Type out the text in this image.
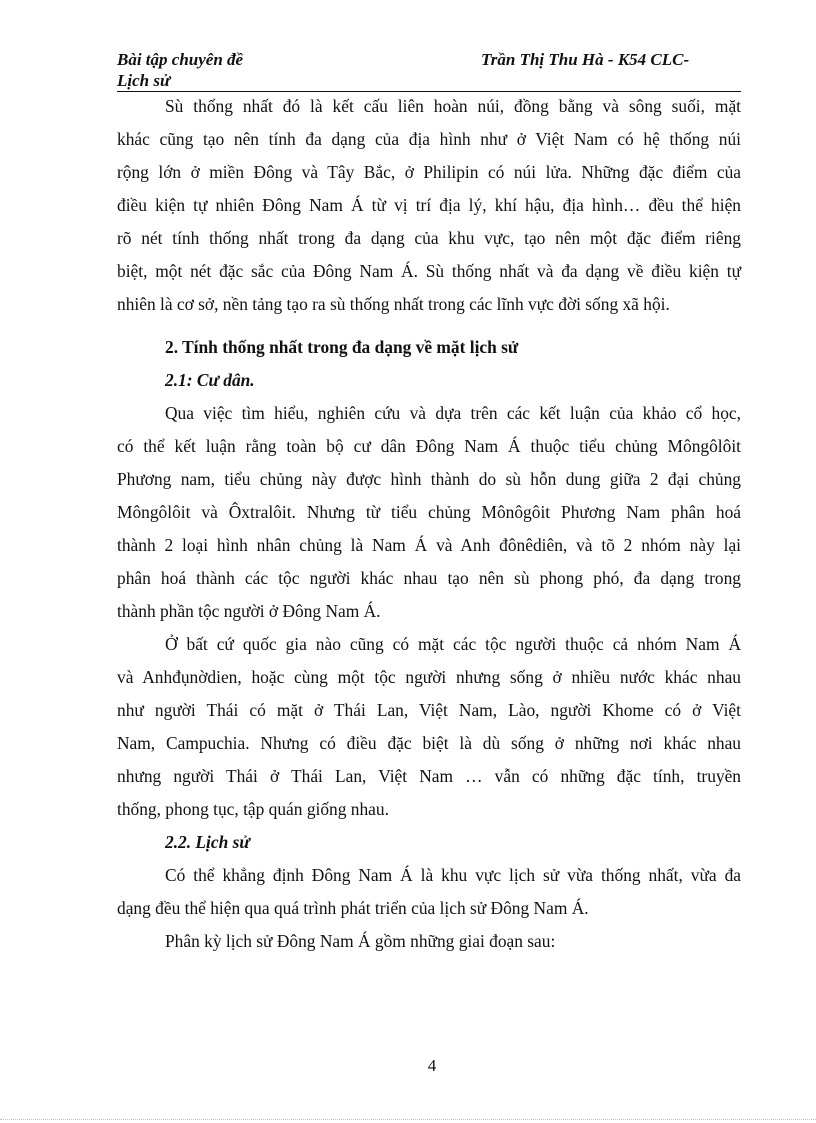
Bài tập chuyên đề
Lịch sử
Trần Thị Thu Hà - K54 CLC-
Sù thống nhất đó là kết cấu liên hoàn núi, đồng bằng và sông suối, mặt
khác cũng tạo nên tính đa dạng của địa hình như ở Việt Nam có hệ thống núi
rộng lớn ở miền Đông và Tây Bắc, ở Philipin có núi lửa. Những đặc điểm của
điều kiện tự nhiên Đông Nam Á từ vị trí địa lý, khí hậu, địa hình… đều thể hiện
rõ nét tính thống nhất trong đa dạng của khu vực, tạo nên một đặc điểm riêng
biệt, một nét đặc sắc của Đông Nam Á. Sù thống nhất và đa dạng về điều kiện tự
nhiên là cơ sở, nền tảng tạo ra sù thống nhất trong các lĩnh vực đời sống xã hội.
2. Tính thống nhất trong đa dạng về mặt lịch sử
2.1: Cư dân.
Qua việc tìm hiểu, nghiên cứu và dựa trên các kết luận của khảo cổ học,
có thể kết luận rằng toàn bộ cư dân Đông Nam Á thuộc tiểu chủng Môngôlôit
Phương nam, tiểu chủng này được hình thành do sù hỗn dung giữa 2 đại chủng
Môngôlôit và Ôxtralôit. Nhưng từ tiểu chủng Mônôgôit Phương Nam phân hoá
thành 2 loại hình nhân chủng là Nam Á và Anh đônêdiên, và tõ 2 nhóm này lại
phân hoá thành các tộc người khác nhau tạo nên sù phong phó, đa dạng trong
thành phần tộc người ở Đông Nam Á.
Ở bất cứ quốc gia nào cũng có mặt các tộc người thuộc cả nhóm Nam Á
và Anhđụnờdien, hoặc cùng một tộc người nhưng sống ở nhiều nước khác nhau
như người Thái có mặt ở Thái Lan, Việt Nam, Lào, người Khome có ở Việt
Nam, Campuchia. Nhưng có điều đặc biệt là dù sống ở những nơi khác nhau
nhưng người Thái ở Thái Lan, Việt Nam … vẫn có những đặc tính, truyền
thống, phong tục, tập quán giống nhau.
2.2. Lịch sử
Có thể khẳng định Đông Nam Á là khu vực lịch sử vừa thống nhất, vừa đa
dạng đều thể hiện qua quá trình phát triển của lịch sử Đông Nam Á.
Phân kỳ lịch sử Đông Nam Á gồm những giai đoạn sau:
4
